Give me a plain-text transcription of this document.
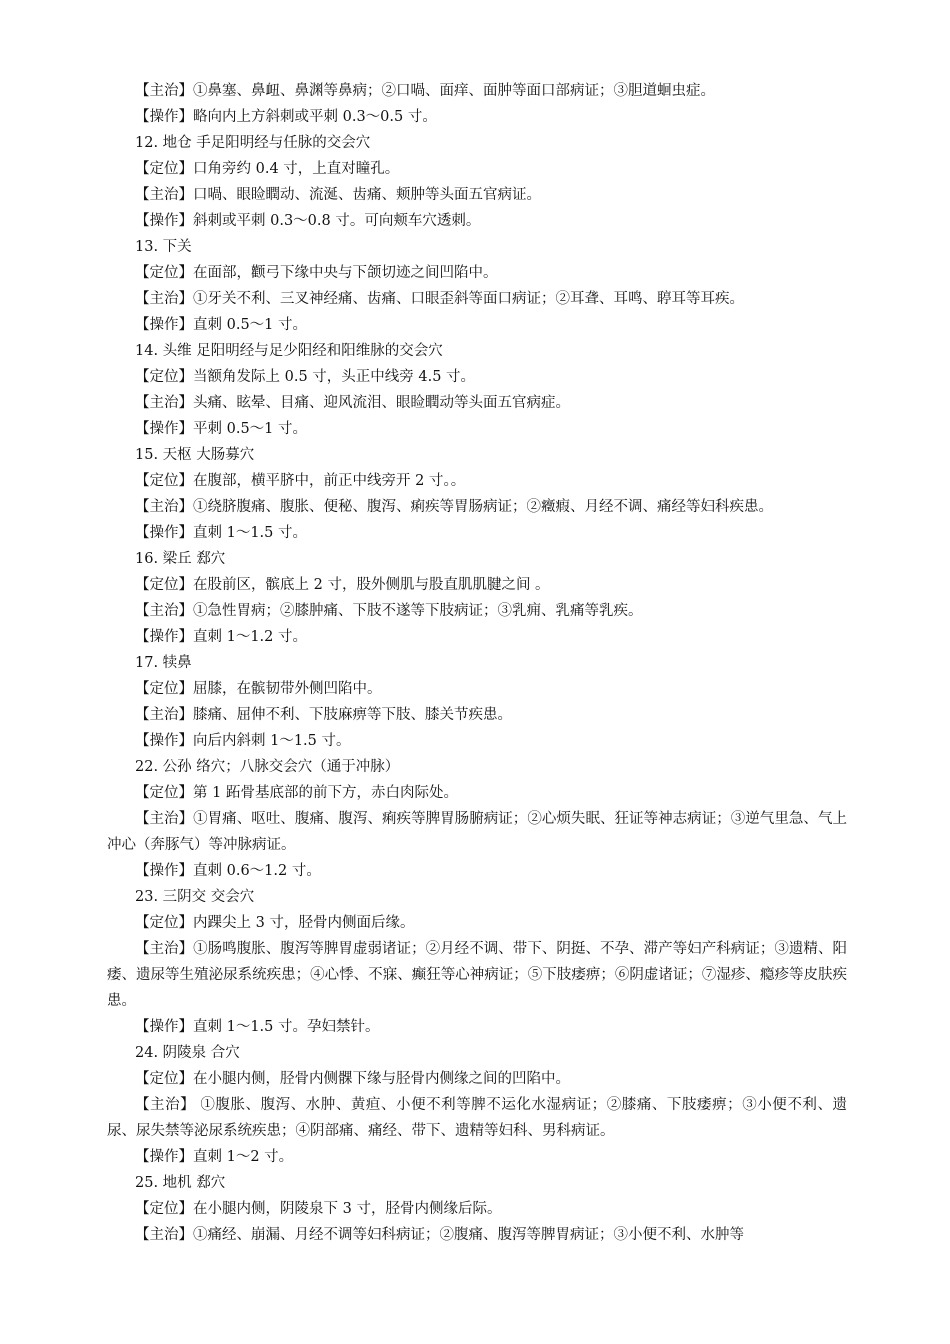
【主治】①鼻塞、鼻衄、鼻渊等鼻病；②口喎、面痒、面肿等面口部病证；③胆道蛔虫症。
【操作】略向内上方斜刺或平刺 0.3～0.5 寸。
12. 地仓 手足阳明经与任脉的交会穴
【定位】口角旁约 0.4 寸，上直对瞳孔。
【主治】口喎、眼睑瞤动、流涎、齿痛、颊肿等头面五官病证。
【操作】斜刺或平刺 0.3～0.8 寸。可向颊车穴透刺。
13. 下关
【定位】在面部，颧弓下缘中央与下颌切迹之间凹陷中。
【主治】①牙关不利、三叉神经痛、齿痛、口眼歪斜等面口病证；②耳聋、耳鸣、聤耳等耳疾。
【操作】直刺 0.5～1 寸。
14. 头维 足阳明经与足少阳经和阳维脉的交会穴
【定位】当额角发际上 0.5 寸，头正中线旁 4.5 寸。
【主治】头痛、眩晕、目痛、迎风流泪、眼睑瞤动等头面五官病症。
【操作】平刺 0.5～1 寸。
15. 天枢 大肠募穴
【定位】在腹部，横平脐中，前正中线旁开 2 寸。。
【主治】①绕脐腹痛、腹胀、便秘、腹泻、痢疾等胃肠病证；②癥瘕、月经不调、痛经等妇科疾患。
【操作】直刺 1～1.5 寸。
16. 梁丘 郄穴
【定位】在股前区，髌底上 2 寸，股外侧肌与股直肌肌腱之间 。
【主治】①急性胃病；②膝肿痛、下肢不遂等下肢病证；③乳痈、乳痛等乳疾。
【操作】直刺 1～1.2 寸。
17. 犊鼻
【定位】屈膝，在髌韧带外侧凹陷中。
【主治】膝痛、屈伸不利、下肢麻痹等下肢、膝关节疾患。
【操作】向后内斜刺 1～1.5 寸。
22. 公孙 络穴；八脉交会穴（通于冲脉）
【定位】第 1 跖骨基底部的前下方，赤白肉际处。
【主治】①胃痛、呕吐、腹痛、腹泻、痢疾等脾胃肠腑病证；②心烦失眠、狂证等神志病证；③逆气里急、气上冲心（奔豚气）等冲脉病证。
【操作】直刺 0.6～1.2 寸。
23. 三阴交 交会穴
【定位】内踝尖上 3 寸，胫骨内侧面后缘。
【主治】①肠鸣腹胀、腹泻等脾胃虚弱诸证；②月经不调、带下、阴挺、不孕、滞产等妇产科病证；③遗精、阳痿、遗尿等生殖泌尿系统疾患；④心悸、不寐、癫狂等心神病证；⑤下肢痿痹；⑥阴虚诸证；⑦湿疹、瘾疹等皮肤疾患。
【操作】直刺 1～1.5 寸。孕妇禁针。
24. 阴陵泉 合穴
【定位】在小腿内侧，胫骨内侧髁下缘与胫骨内侧缘之间的凹陷中。
【主治】 ①腹胀、腹泻、水肿、黄疸、小便不利等脾不运化水湿病证；②膝痛、下肢痿痹；③小便不利、遗尿、尿失禁等泌尿系统疾患；④阴部痛、痛经、带下、遗精等妇科、男科病证。
【操作】直刺 1～2 寸。
25. 地机 郄穴
【定位】在小腿内侧，阴陵泉下 3 寸，胫骨内侧缘后际。
【主治】①痛经、崩漏、月经不调等妇科病证；②腹痛、腹泻等脾胃病证；③小便不利、水肿等
